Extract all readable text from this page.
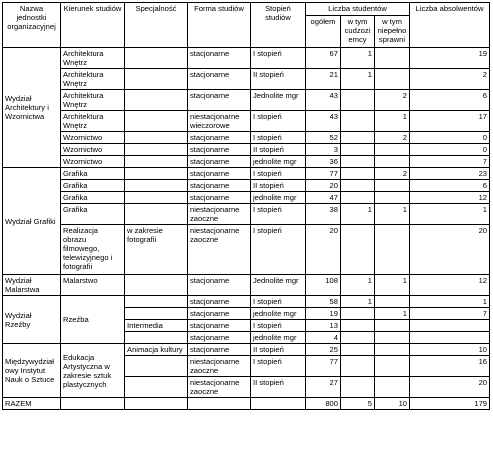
Nazwa jednostki organizacyjnej	Kierunek studiów	Specjalność	Forma studiów	Stopień studiów	Liczba studentów			Liczba absolwentów
					ogółem	w tym cudzoziemcy	w tym niepełnosprawni	
Wydział Architektury i Wzornictwa	Architektura Wnętrz		stacjonarne	I stopień	67	1		19
	Architektura Wnętrz		stacjonarne	II stopień	21	1		2
	Architektura Wnętrz		stacjonarne	Jednolite mgr	43		2	6
	Architektura Wnętrz		niestacjonarne wieczorowe	I stopień	43		1	17
	Wzornictwo		stacjonarne	I stopień	52		2	0
	Wzornictwo		stacjonarne	II stopień	3			0
	Wzornictwo		stacjonarne	jednolite mgr	36			7
Wydział Grafiki	Grafika		stacjonarne	I stopień	77		2	23
	Grafika		stacjonarne	II stopień	20			6
	Grafika		stacjonarne	jednolite mgr	47			12
	Grafika		niestacjonarne zaoczne	I stopień	38	1	1	1
	Realizacja obrazu filmowego, telewizyjnego i fotografii	w zakresie fotografii	niestacjonarne zaoczne	I stopień	20			20
Wydział Malarstwa	Malarstwo		stacjonarne	Jednolite mgr	108	1	1	12
Wydział Rzeźby	Rzeźba		stacjonarne	I stopień	58	1		1
			stacjonarne	jednolite mgr	19		1	7
		Intermedia	stacjonarne	I stopień	13			
			stacjonarne	jednolite mgr	4			
Międzywydziałowy Instytut Nauk o Sztuce	Edukacja Artystyczna w zakresie sztuk plastycznych	Animacja kultury	stacjonarne	II stopień	25			10
			niestacjonarne zaoczne	I stopień	77			16
			niestacjonarne zaoczne	II stopień	27			20
RAZEM					800	5	10	179
